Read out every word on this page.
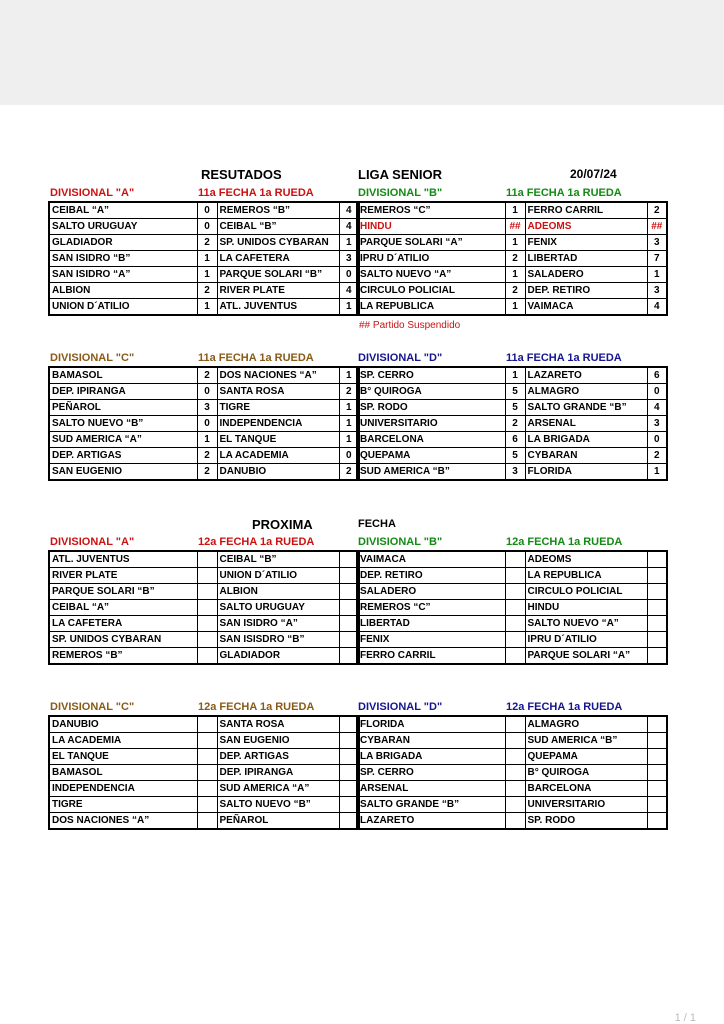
RESUTADOS	LIGA SENIOR	20/07/24
DIVISIONAL "A"	11a FECHA 1a RUEDA
CEIBAL “A”	0	REMEROS “B”	4
SALTO URUGUAY	0	CEIBAL “B”	4
GLADIADOR	2	SP. UNIDOS CYBARAN	1
SAN ISIDRO “B”	1	LA CAFETERA	3
SAN ISIDRO “A”	1	PARQUE SOLARI “B”	0
ALBION	2	RIVER PLATE	4
UNION D´ATILIO	1	ATL. JUVENTUS	1
DIVISIONAL "B"	11a FECHA 1a RUEDA
REMEROS “C”	1	FERRO CARRIL	2
HINDU	##	ADEOMS	##
PARQUE SOLARI “A”	1	FENIX	3
IPRU D´ATILIO	2	LIBERTAD	7
SALTO NUEVO “A”	1	SALADERO	1
CIRCULO POLICIAL	2	DEP. RETIRO	3
LA REPUBLICA	1	VAIMACA	4
## Partido Suspendido
DIVISIONAL "C"	11a FECHA 1a RUEDA
BAMASOL	2	DOS NACIONES “A”	1
DEP. IPIRANGA	0	SANTA ROSA	2
PEÑAROL	3	TIGRE	1
SALTO NUEVO “B”	0	INDEPENDENCIA	1
SUD AMERICA “A”	1	EL TANQUE	1
DEP. ARTIGAS	2	LA ACADEMIA	0
SAN EUGENIO	2	DANUBIO	2
DIVISIONAL "D"	11a FECHA 1a RUEDA
SP. CERRO	1	LAZARETO	6
B° QUIROGA	5	ALMAGRO	0
SP. RODO	5	SALTO GRANDE “B”	4
UNIVERSITARIO	2	ARSENAL	3
BARCELONA	6	LA BRIGADA	0
QUEPAMA	5	CYBARAN	2
SUD AMERICA “B”	3	FLORIDA	1
PROXIMA	FECHA
DIVISIONAL "A"	12a FECHA 1a RUEDA
ATL. JUVENTUS		CEIBAL “B”	
RIVER PLATE		UNION D´ATILIO	
PARQUE SOLARI “B”		ALBION	
CEIBAL “A”		SALTO URUGUAY	
LA CAFETERA		SAN ISIDRO “A”	
SP. UNIDOS CYBARAN		SAN ISISDRO “B”	
REMEROS “B”		GLADIADOR	
DIVISIONAL "B"	12a FECHA 1a RUEDA
VAIMACA		ADEOMS	
DEP. RETIRO		LA REPUBLICA	
SALADERO		CIRCULO POLICIAL	
REMEROS “C”		HINDU	
LIBERTAD		SALTO NUEVO “A”	
FENIX		IPRU D´ATILIO	
FERRO CARRIL		PARQUE SOLARI “A”	
DIVISIONAL "C"	12a FECHA 1a RUEDA
DANUBIO		SANTA ROSA	
LA ACADEMIA		SAN EUGENIO	
EL TANQUE		DEP. ARTIGAS	
BAMASOL		DEP. IPIRANGA	
INDEPENDENCIA		SUD AMERICA “A”	
TIGRE		SALTO NUEVO “B”	
DOS NACIONES “A”		PEÑAROL	
DIVISIONAL "D"	12a FECHA 1a RUEDA
FLORIDA		ALMAGRO	
CYBARAN		SUD AMERICA “B”	
LA BRIGADA		QUEPAMA	
SP. CERRO		B° QUIROGA	
ARSENAL		BARCELONA	
SALTO GRANDE “B”		UNIVERSITARIO	
LAZARETO		SP. RODO	
1 / 1
